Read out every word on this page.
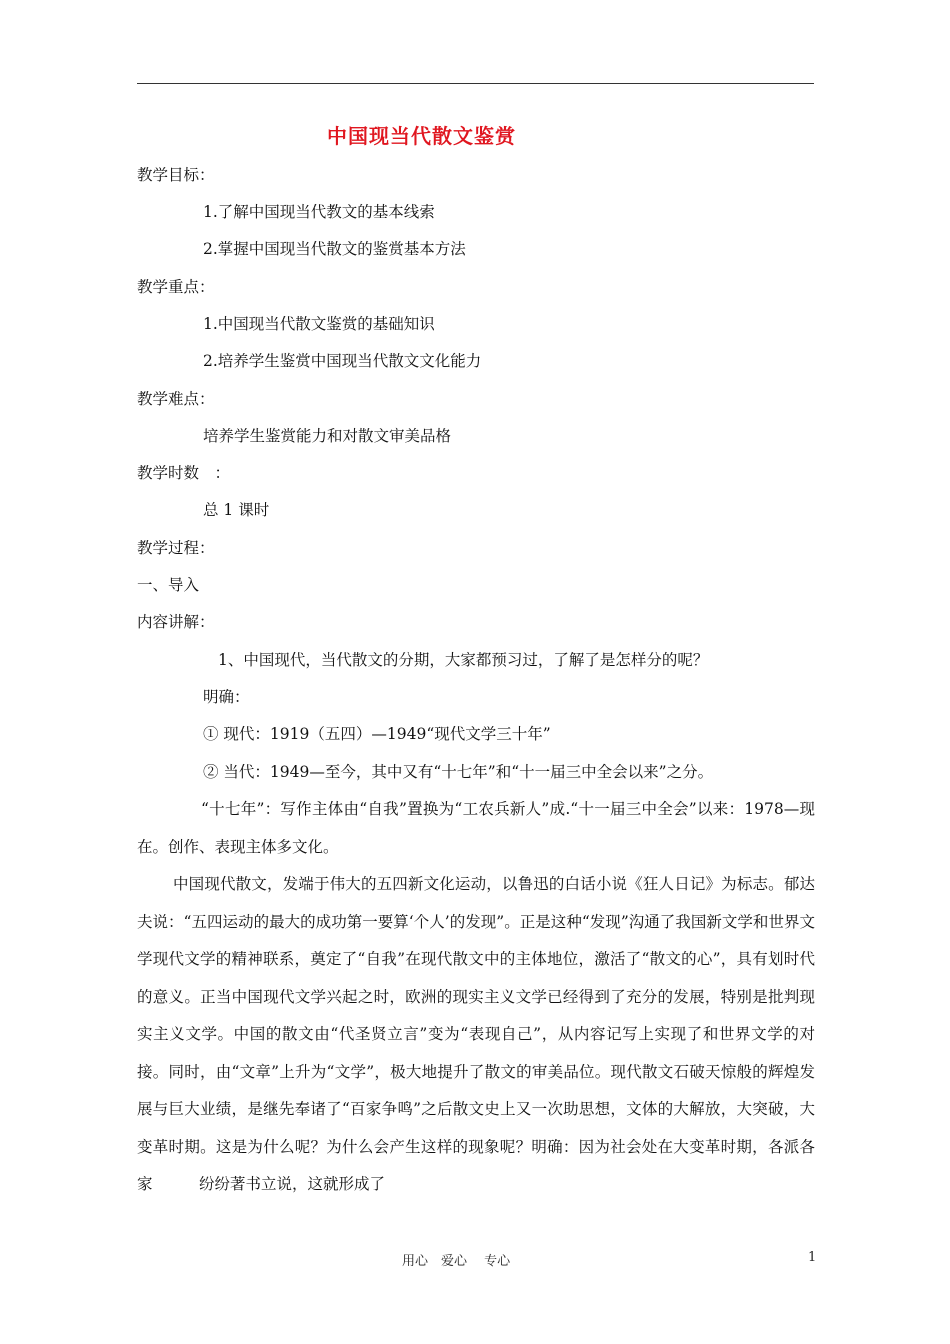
中国现当代散文鉴赏
教学目标：
1.了解中国现当代教文的基本线索
2.掌握中国现当代散文的鉴赏基本方法
教学重点：
1.中国现当代散文鉴赏的基础知识
2.培养学生鉴赏中国现当代散文文化能力
教学难点：
培养学生鉴赏能力和对散文审美品格
教学时数　：
总 1 课时
教学过程：
一、导入
内容讲解：
1、中国现代，当代散文的分期，大家都预习过，了解了是怎样分的呢？
明确：
① 现代：1919（五四）—1949“现代文学三十年”
② 当代：1949—至今，其中又有“十七年”和“十一届三中全会以来”之分。
“十七年”：写作主体由“自我”置换为“工农兵新人”成.“十一届三中全会”以来：1978—现在。创作、表现主体多文化。
中国现代散文，发端于伟大的五四新文化运动，以鲁迅的白话小说《狂人日记》为标志。郁达夫说：“五四运动的最大的成功第一要算‘个人’的发现”。正是这种“发现”沟通了我国新文学和世界文学现代文学的精神联系，奠定了“自我”在现代散文中的主体地位，激活了“散文的心”，具有划时代的意义。正当中国现代文学兴起之时，欧洲的现实主义文学已经得到了充分的发展，特别是批判现实主义文学。中国的散文由“代圣贤立言”变为“表现自己”，从内容记写上实现了和世界文学的对接。同时，由“文章”上升为“文学”，极大地提升了散文的审美品位。现代散文石破天惊般的辉煌发展与巨大业绩，是继先奉诸了“百家争鸣”之后散文史上又一次助思想，文体的大解放，大突破，大变革时期。这是为什么呢？为什么会产生这样的现象呢？明确：因为社会处在大变革时期，各派各家　　　纷纷著书立说，这就形成了
用心　爱心　 专心	1
